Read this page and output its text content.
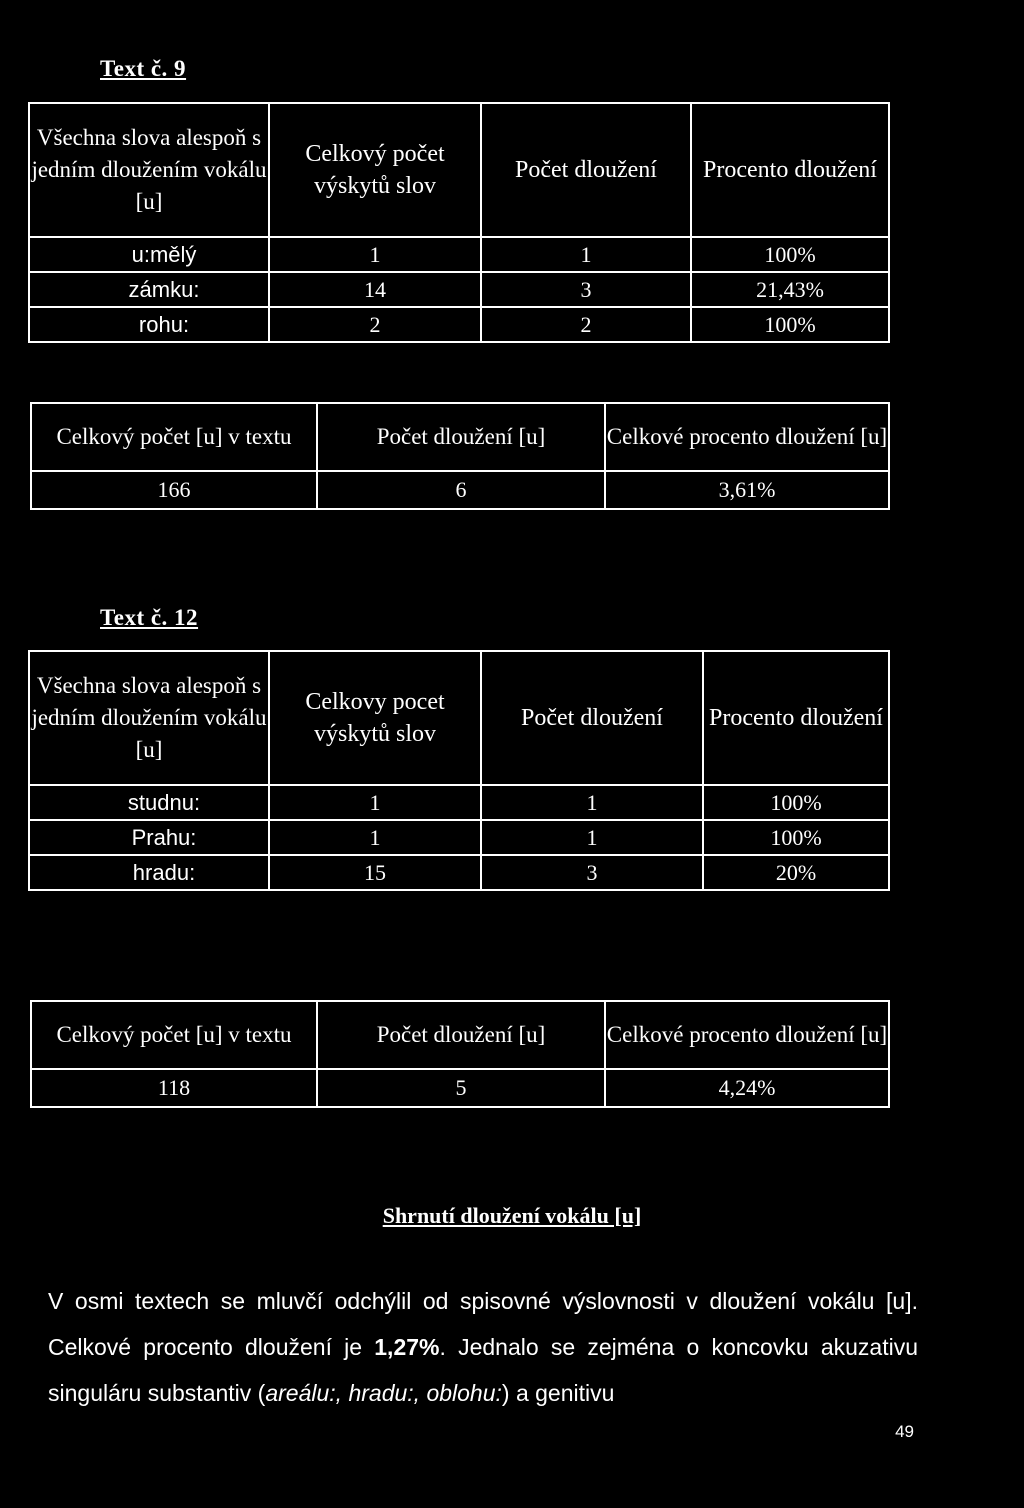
Text č. 9
Všechna slova alespoň s jedním dloužením vokálu [u]	Celkový počet výskytů slov	Počet dloužení	Procento dloužení
u:mělý	1	1	100%
zámku:	14	3	21,43%
rohu:	2	2	100%
Celkový počet [u] v textu	Počet dloužení [u]	Celkové procento dloužení [u]
166	6	3,61%
Text č. 12
Všechna slova alespoň s jedním dloužením vokálu [u]	Celkovy pocet výskytů slov	Počet dloužení	Procento dloužení
studnu:	1	1	100%
Prahu:	1	1	100%
hradu:	15	3	20%
Celkový počet [u] v textu	Počet dloužení [u]	Celkové procento dloužení [u]
118	5	4,24%
Shrnutí dloužení vokálu [u]
V osmi textech se mluvčí odchýlil od spisovné výslovnosti v dloužení vokálu [u]. Celkové procento dloužení je 1,27%. Jednalo se zejména o koncovku akuzativu singuláru substantiv (areálu:, hradu:, oblohu:) a genitivu
49
